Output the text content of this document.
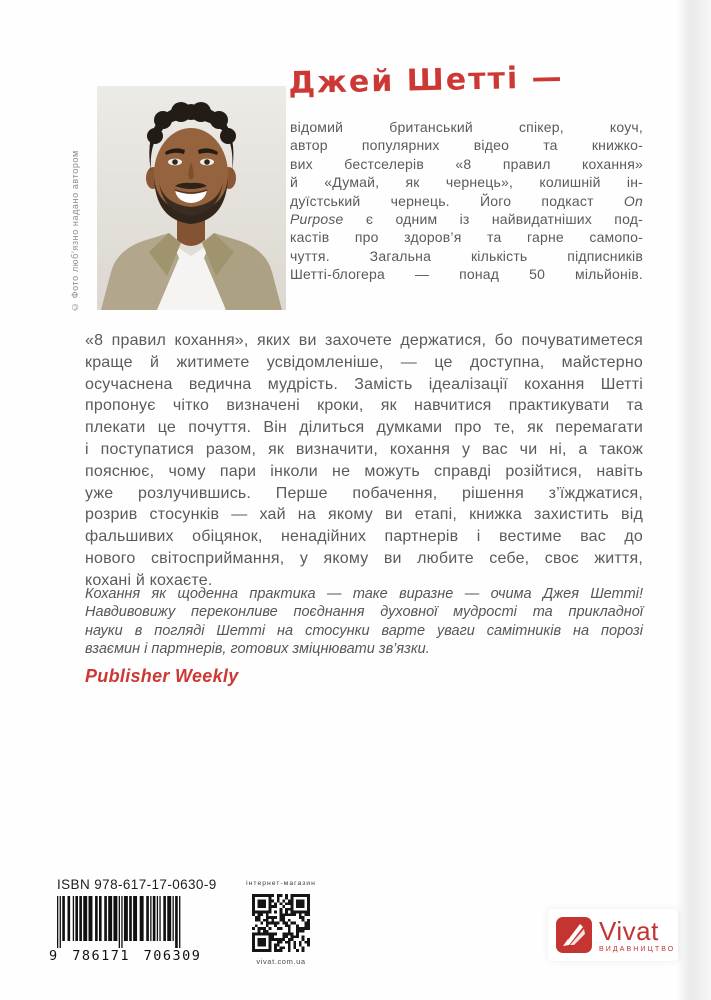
© Фото люб’язно надано автором
Джей Шетті —
відомий британський спікер, коуч,
автор популярних відео та книжко-
вих бестселерів «8 правил кохання»
й «Думай, як чернець», колишній ін-
дуїстський чернець. Його подкаст On
Purpose є одним із найвидатніших под-
кастів про здоров’я та гарне самопо-
чуття. Загальна кількість підписників
Шетті-блогера — понад 50 мільйонів.
«8 правил кохання», яких ви захочете держатися, бо почуватиметеся
краще й житимете усвідомленіше, — це доступна, майстерно
осучаснена ведична мудрість. Замість ідеалізації кохання Шетті
пропонує чітко визначені кроки, як навчитися практикувати та
плекати це почуття. Він ділиться думками про те, як перемагати
і поступатися разом, як визначити, кохання у вас чи ні, а також
пояснює, чому пари інколи не можуть справді розійтися, навіть
уже розлучившись. Перше побачення, рішення з’їжджатися,
розрив стосунків — хай на якому ви етапі, книжка захистить від
фальшивих обіцянок, ненадійних партнерів і вестиме вас до
нового світосприймання, у якому ви любите себе, своє життя,
кохані й кохаєте.
Кохання як щоденна практика — таке виразне — очима Джея Шетті!
Навдивовижу переконливе поєднання духовної мудрості та прикладної
науки в погляді Шетті на стосунки варте уваги самітників на порозі
взаємин і партнерів, готових зміцнювати зв’язки.
Publisher Weekly
ISBN 978-617-17-0630-9
9 786171 706309
інтернет-магазин
vivat.com.ua
Vivat
ВИДАВНИЦТВО
